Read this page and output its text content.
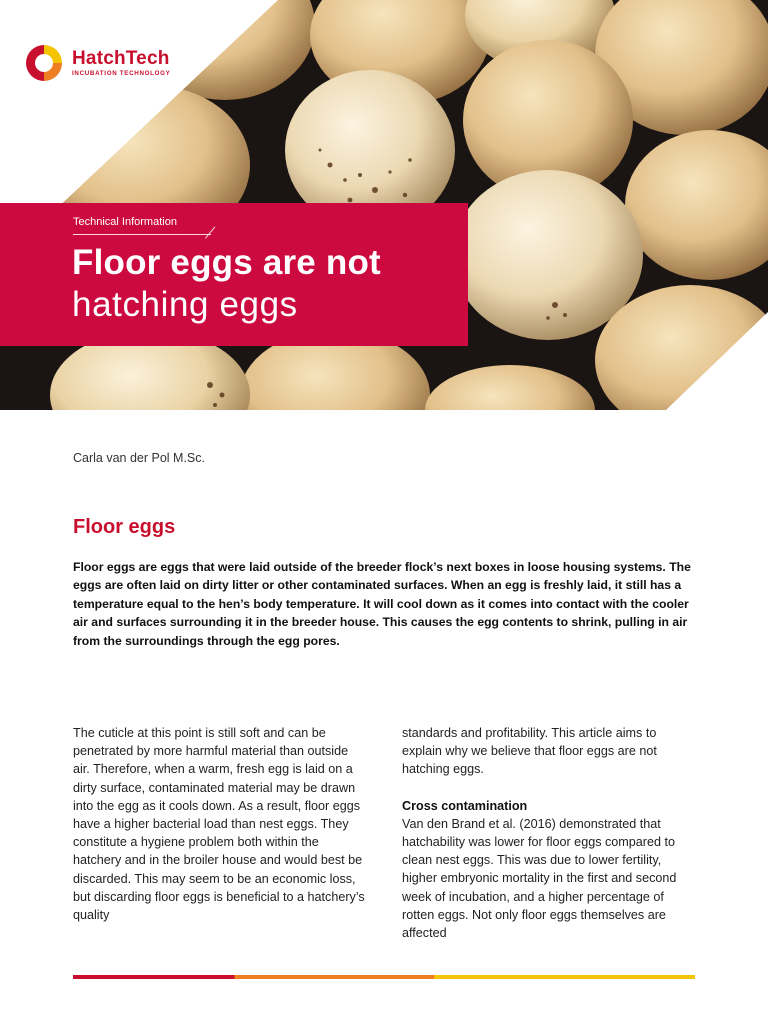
HatchTech
INCUBATION TECHNOLOGY
Technical Information
Floor eggs are not
hatching eggs

Carla van der Pol M.Sc.

Floor eggs

Floor eggs are eggs that were laid outside of the breeder flock’s next boxes in loose housing systems. The eggs are often laid on dirty litter or other contaminated surfaces. When an egg is freshly laid, it still has a temperature equal to the hen’s body temperature. It will cool down as it comes into contact with the cooler air and surfaces surrounding it in the breeder house. This causes the egg contents to shrink, pulling in air from the surroundings through the egg pores.

The cuticle at this point is still soft and can be penetrated by more harmful material than outside air. Therefore, when a warm, fresh egg is laid on a dirty surface, contaminated material may be drawn into the egg as it cools down. As a result, floor eggs have a higher bacterial load than nest eggs. They constitute a hygiene problem both within the hatchery and in the broiler house and would best be discarded. This may seem to be an economic loss, but discarding floor eggs is beneficial to a hatchery’s quality

standards and profitability. This article aims to explain why we believe that floor eggs are not hatching eggs.

Cross contamination

Van den Brand et al. (2016) demonstrated that hatchability was lower for floor eggs compared to clean nest eggs. This was due to lower fertility, higher embryonic mortality in the first and second week of incubation, and a higher percentage of rotten eggs. Not only floor eggs themselves are affected
